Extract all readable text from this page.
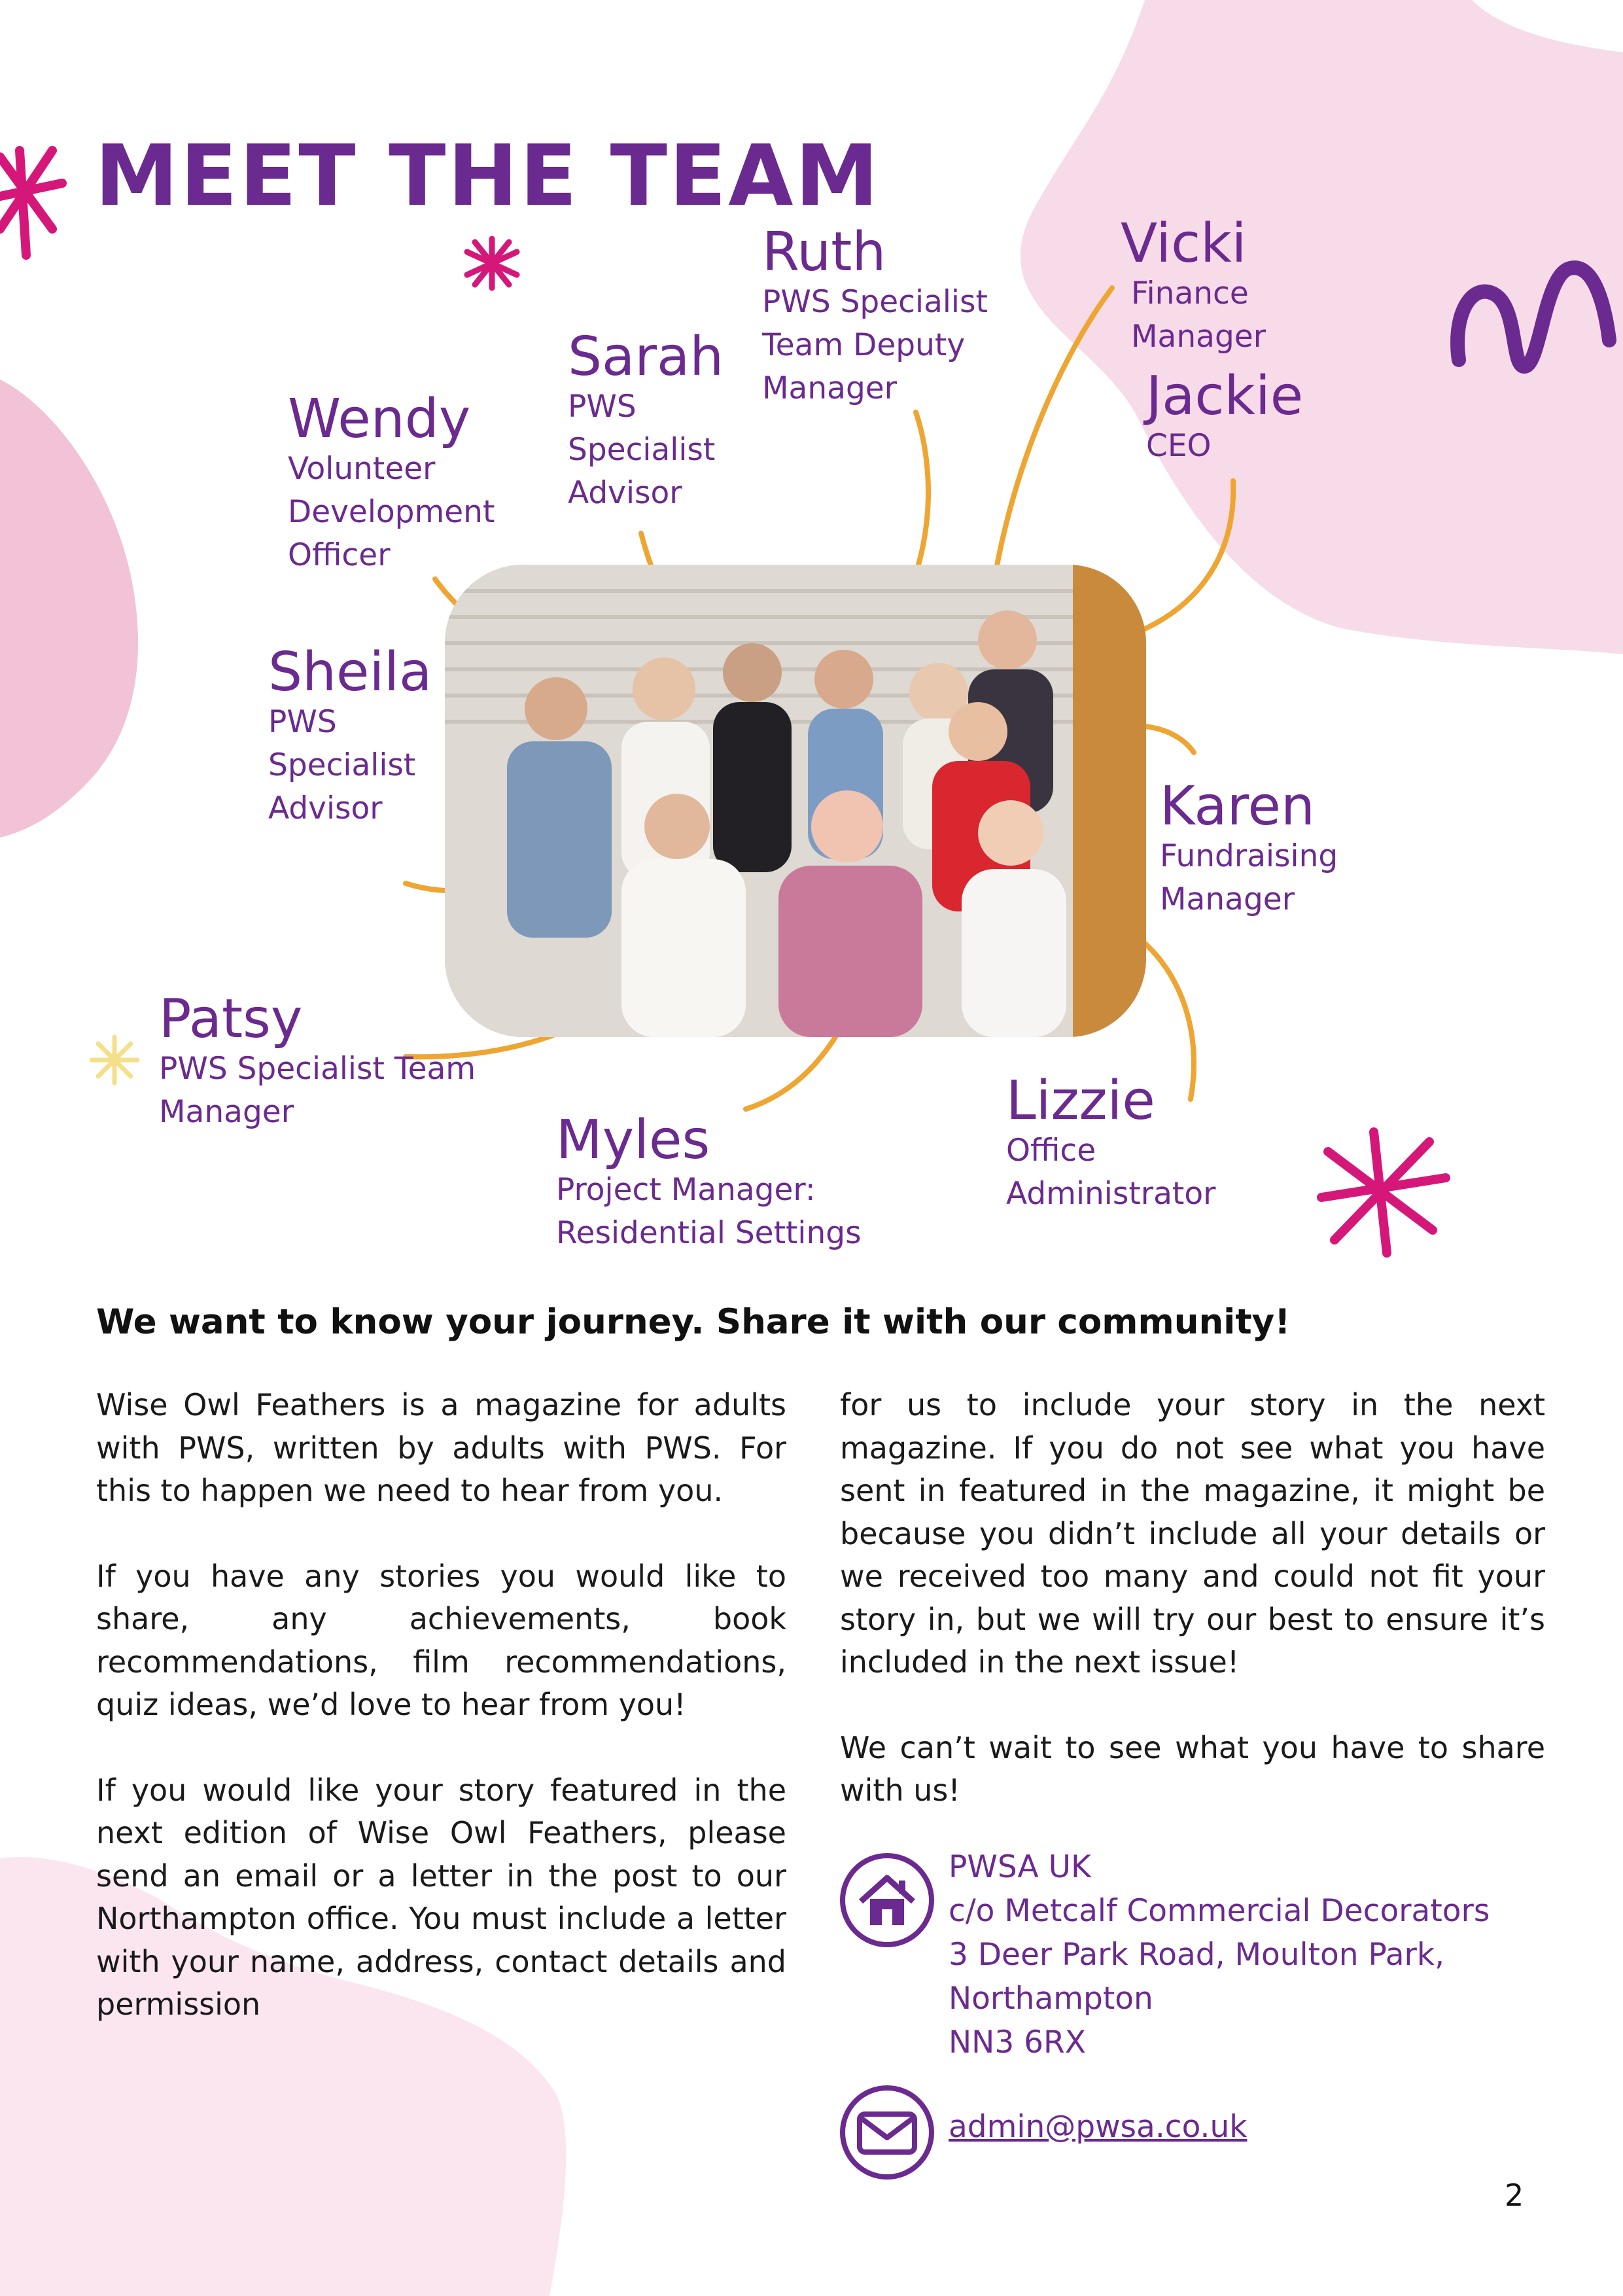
MEET THE TEAM
Wendy
Volunteer
Development
Officer
Sarah
PWS
Specialist
Advisor
Ruth
PWS Specialist
Team Deputy
Manager
Vicki
Finance
Manager
Jackie
CEO
Sheila
PWS
Specialist
Advisor	Karen
Fundraising
Manager
Patsy
PWS Specialist Team
Manager	Myles
Project Manager:
Residential Settings
Lizzie
Office
Administrator
We want to know your journey. Share it with our community!

Wise Owl Feathers is a magazine for adults with PWS, written by adults with PWS. For this to happen we need to hear from you.

If you have any stories you would like to share, any achievements, book recommendations, film recommendations, quiz ideas, we’d love to hear from you!

If you would like your story featured in the next edition of Wise Owl Feathers, please send an email or a letter in the post to our Northampton office. You must include a letter with your name, address, contact details and permission

for us to include your story in the next magazine. If you do not see what you have sent in featured in the magazine, it might be because you didn’t include all your details or we received too many and could not fit your story in, but we will try our best to ensure it’s included in the next issue!

We can’t wait to see what you have to share with us!

PWSA UK
c/o Metcalf Commercial Decorators
3 Deer Park Road, Moulton Park,
Northampton
NN3 6RX
admin@pwsa.co.uk
2
